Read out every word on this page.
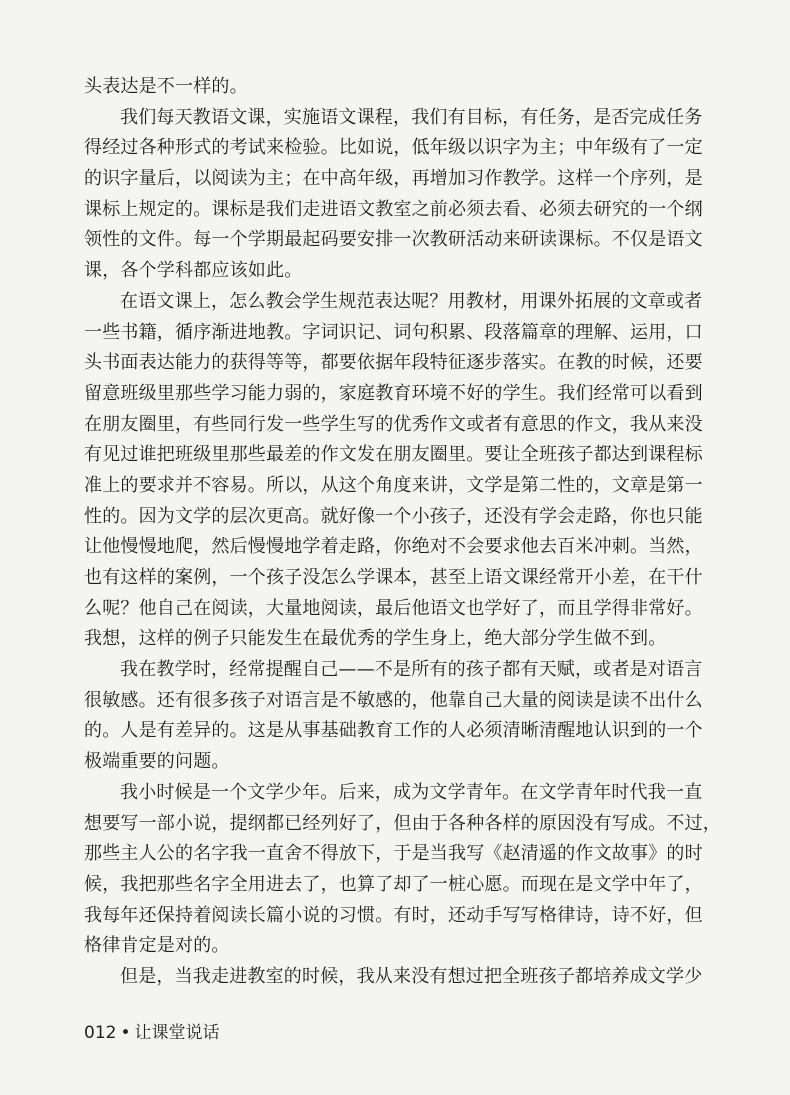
头表达是不一样的。
我们每天教语文课，实施语文课程，我们有目标，有任务，是否完成任务
得经过各种形式的考试来检验。比如说，低年级以识字为主；中年级有了一定
的识字量后，以阅读为主；在中高年级，再增加习作教学。这样一个序列，是
课标上规定的。课标是我们走进语文教室之前必须去看、必须去研究的一个纲
领性的文件。每一个学期最起码要安排一次教研活动来研读课标。不仅是语文
课，各个学科都应该如此。
在语文课上，怎么教会学生规范表达呢？用教材，用课外拓展的文章或者
一些书籍，循序渐进地教。字词识记、词句积累、段落篇章的理解、运用，口
头书面表达能力的获得等等，都要依据年段特征逐步落实。在教的时候，还要
留意班级里那些学习能力弱的，家庭教育环境不好的学生。我们经常可以看到
在朋友圈里，有些同行发一些学生写的优秀作文或者有意思的作文，我从来没
有见过谁把班级里那些最差的作文发在朋友圈里。要让全班孩子都达到课程标
准上的要求并不容易。所以，从这个角度来讲，文学是第二性的，文章是第一
性的。因为文学的层次更高。就好像一个小孩子，还没有学会走路，你也只能
让他慢慢地爬，然后慢慢地学着走路，你绝对不会要求他去百米冲刺。当然，
也有这样的案例，一个孩子没怎么学课本，甚至上语文课经常开小差，在干什
么呢？他自己在阅读，大量地阅读，最后他语文也学好了，而且学得非常好。
我想，这样的例子只能发生在最优秀的学生身上，绝大部分学生做不到。
我在教学时，经常提醒自己——不是所有的孩子都有天赋，或者是对语言
很敏感。还有很多孩子对语言是不敏感的，他靠自己大量的阅读是读不出什么
的。人是有差异的。这是从事基础教育工作的人必须清晰清醒地认识到的一个
极端重要的问题。
我小时候是一个文学少年。后来，成为文学青年。在文学青年时代我一直
想要写一部小说，提纲都已经列好了，但由于各种各样的原因没有写成。不过，
那些主人公的名字我一直舍不得放下，于是当我写《赵清遥的作文故事》的时
候，我把那些名字全用进去了，也算了却了一桩心愿。而现在是文学中年了，
我每年还保持着阅读长篇小说的习惯。有时，还动手写写格律诗，诗不好，但
格律肯定是对的。
但是，当我走进教室的时候，我从来没有想过把全班孩子都培养成文学少
012 • 让课堂说话
